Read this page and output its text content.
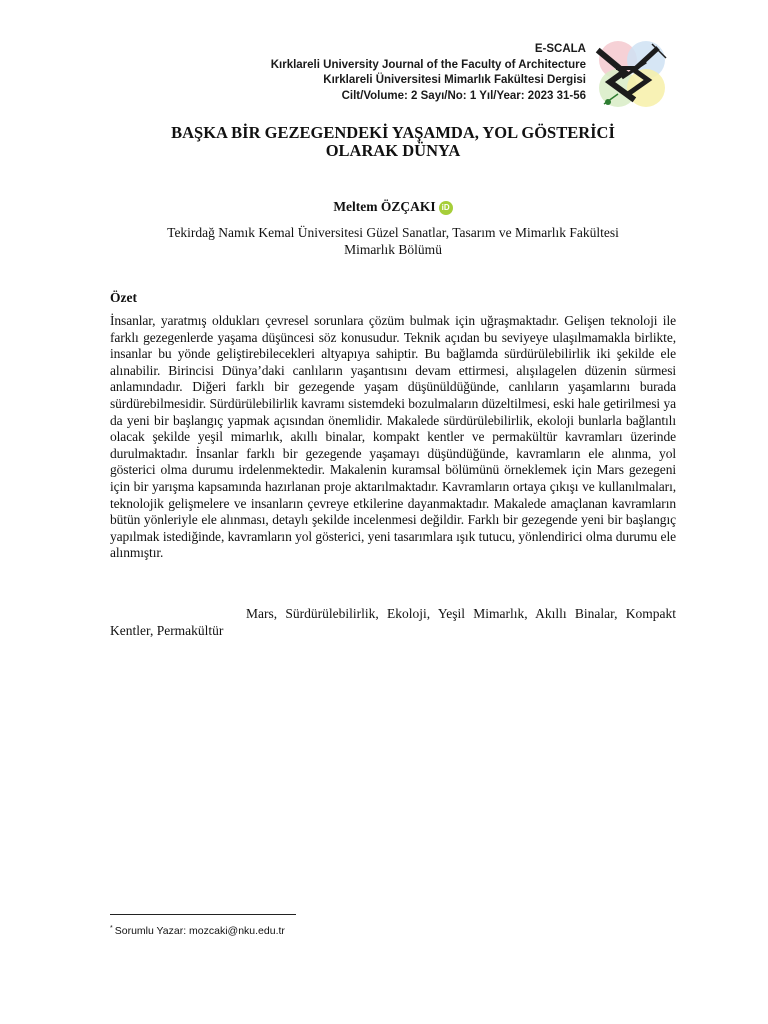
E-SCALA
Kırklareli University Journal of the Faculty of Architecture
Kırklareli Üniversitesi Mimarlık Fakültesi Dergisi
Cilt/Volume: 2 Sayı/No: 1 Yıl/Year: 2023 31-56
BAŞKA BİR GEZEGENDEKİ YAŞAMDA, YOL GÖSTERİCİ
OLARAK DÜNYA
Meltem ÖZÇAKI iD
Tekirdağ Namık Kemal Üniversitesi Güzel Sanatlar, Tasarım ve Mimarlık Fakültesi
Mimarlık Bölümü
Özet
İnsanlar, yaratmış oldukları çevresel sorunlara çözüm bulmak için uğraşmaktadır. Gelişen teknoloji ile farklı gezegenlerde yaşama düşüncesi söz konusudur. Teknik açıdan bu seviyeye ulaşılmamakla birlikte, insanlar bu yönde geliştirebilecekleri altyapıya sahiptir. Bu bağlamda sürdürülebilirlik iki şekilde ele alınabilir. Birincisi Dünya’daki canlıların yaşantısını devam ettirmesi, alışılagelen düzenin sürmesi anlamındadır. Diğeri farklı bir gezegende yaşam düşünüldüğünde, canlıların yaşamlarını burada sürdürebilmesidir. Sürdürülebilirlik kavramı sistemdeki bozulmaların düzeltilmesi, eski hale getirilmesi ya da yeni bir başlangıç yapmak açısından önemlidir. Makalede sürdürülebilirlik, ekoloji bunlarla bağlantılı olacak şekilde yeşil mimarlık, akıllı binalar, kompakt kentler ve permakültür kavramları üzerinde durulmaktadır. İnsanlar farklı bir gezegende yaşamayı düşündüğünde, kavramların ele alınma, yol gösterici olma durumu irdelenmektedir. Makalenin kuramsal bölümünü örneklemek için Mars gezegeni için bir yarışma kapsamında hazırlanan proje aktarılmaktadır. Kavramların ortaya çıkışı ve kullanılmaları, teknolojik gelişmelere ve insanların çevreye etkilerine dayanmaktadır. Makalede amaçlanan kavramların bütün yönleriyle ele alınması, detaylı şekilde incelenmesi değildir. Farklı bir gezegende yeni bir başlangıç yapılmak istediğinde, kavramların yol gösterici, yeni tasarımlara ışık tutucu, yönlendirici olma durumu ele alınmıştır.
Mars, Sürdürülebilirlik, Ekoloji, Yeşil Mimarlık, Akıllı Binalar, Kompakt Kentler, Permakültür
* Sorumlu Yazar: mozcaki@nku.edu.tr
